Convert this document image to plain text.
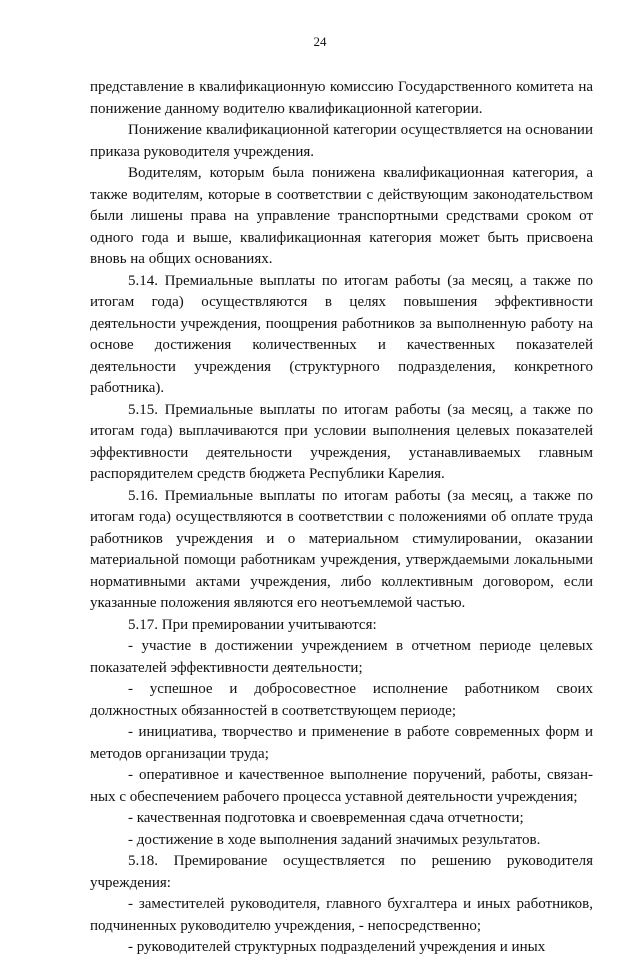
24

представление в квалификационную комиссию Государственного комитета на понижение данному водителю квалификационной категории.

Понижение квалификационной категории осуществляется на основании приказа руководителя учреждения.

Водителям, которым была понижена квалификационная категория, а также водителям, которые в соответствии с действующим законодательством были лишены права на управление транспортными средствами сроком от одного года и выше, квалификационная категория может быть присвоена вновь на общих основаниях.

5.14. Премиальные выплаты по итогам работы (за месяц, а также по итогам года) осуществляются в целях повышения эффективности деятельности учреждения, поощрения работников за выполненную работу на основе достижения количественных и качественных показателей деятельности учреждения (структурного подразделения, конкретного работника).

5.15. Премиальные выплаты по итогам работы (за месяц, а также по итогам года) выплачиваются при условии выполнения целевых показателей эффективности деятельности учреждения, устанавливаемых главным распорядителем средств бюджета Республики Карелия.

5.16. Премиальные выплаты по итогам работы (за месяц, а также по итогам года) осуществляются в соответствии с положениями об оплате труда работников учреждения и о материальном стимулировании, оказании материальной помощи работникам учреждения, утверждаемыми локальными нормативными актами учреждения, либо коллективным договором, если указанные положения являются его неотъемлемой частью.

5.17. При премировании учитываются:

- участие в достижении учреждением в отчетном периоде целевых показателей эффективности деятельности;

- успешное и добросовестное исполнение работником своих должностных обязанностей в соответствующем периоде;

- инициатива, творчество и применение в работе современных форм и методов организации труда;

- оперативное и качественное выполнение поручений, работы, связанных с обеспечением рабочего процесса уставной деятельности учреждения;

- качественная подготовка и своевременная сдача отчетности;

- достижение в ходе выполнения заданий значимых результатов.

5.18. Премирование осуществляется по решению руководителя учреждения:

- заместителей руководителя, главного бухгалтера и иных работников, подчиненных руководителю учреждения, - непосредственно;

- руководителей структурных подразделений учреждения и иных
